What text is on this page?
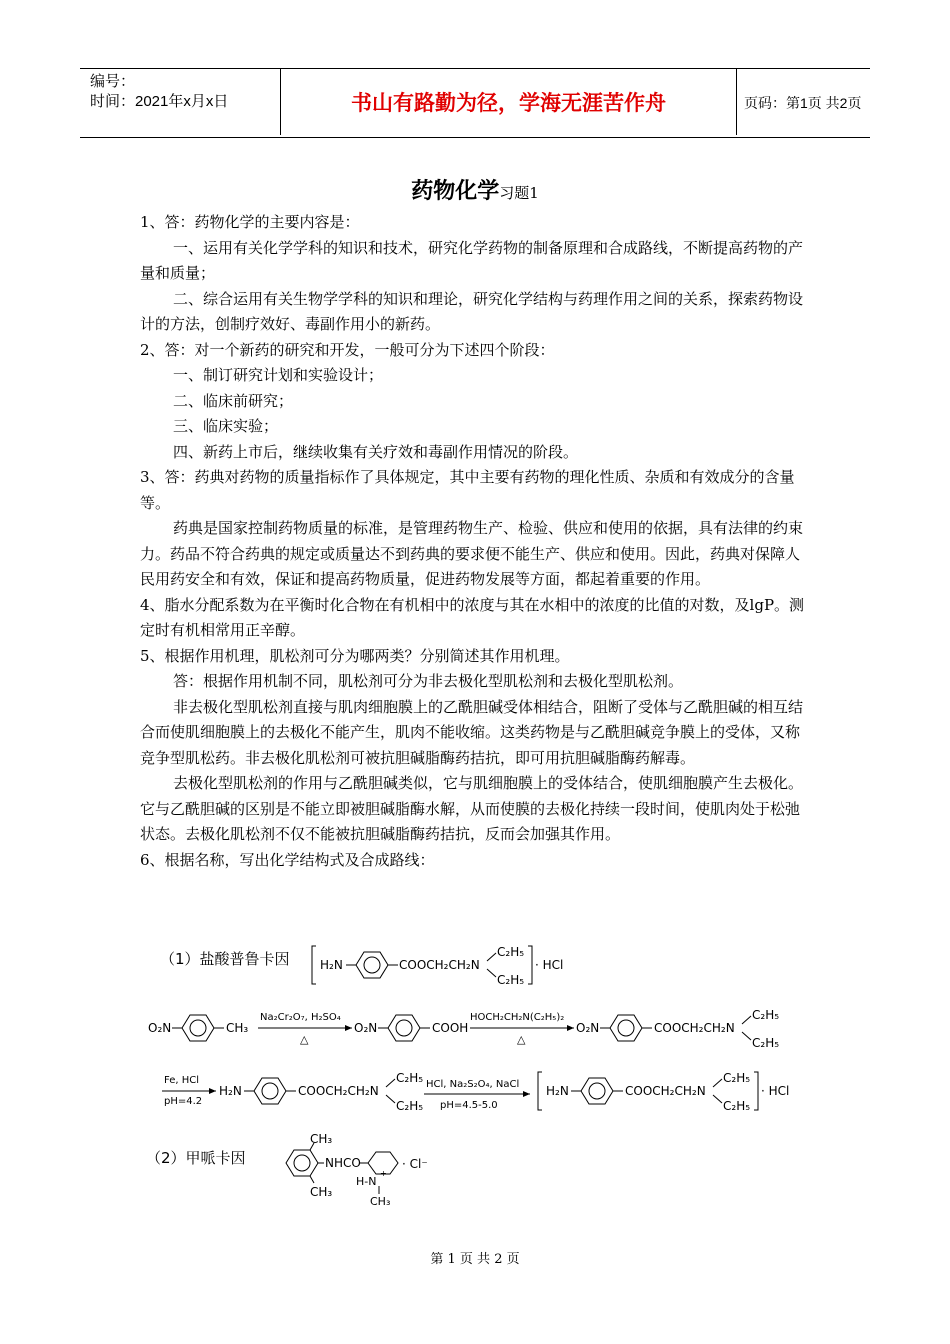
编号：
时间：2021年x月x日	书山有路勤为径，学海无涯苦作舟	页码：第1页 共2页
药物化学习题1

1、答：药物化学的主要内容是：

一、运用有关化学学科的知识和技术，研究化学药物的制备原理和合成路线，不断提高药物的产量和质量；

二、综合运用有关生物学学科的知识和理论，研究化学结构与药理作用之间的关系，探索药物设计的方法，创制疗效好、毒副作用小的新药。

2、答：对一个新药的研究和开发，一般可分为下述四个阶段：

一、制订研究计划和实验设计；

二、临床前研究；

三、临床实验；

四、新药上市后，继续收集有关疗效和毒副作用情况的阶段。

3、答：药典对药物的质量指标作了具体规定，其中主要有药物的理化性质、杂质和有效成分的含量等。

药典是国家控制药物质量的标准，是管理药物生产、检验、供应和使用的依据，具有法律的约束力。药品不符合药典的规定或质量达不到药典的要求便不能生产、供应和使用。因此，药典对保障人民用药安全和有效，保证和提高药物质量，促进药物发展等方面，都起着重要的作用。

4、脂水分配系数为在平衡时化合物在有机相中的浓度与其在水相中的浓度的比值的对数，及lgP。测定时有机相常用正辛醇。

5、根据作用机理，肌松剂可分为哪两类？分别简述其作用机理。

答：根据作用机制不同，肌松剂可分为非去极化型肌松剂和去极化型肌松剂。

非去极化型肌松剂直接与肌肉细胞膜上的乙酰胆碱受体相结合，阻断了受体与乙酰胆碱的相互结合而使肌细胞膜上的去极化不能产生，肌肉不能收缩。这类药物是与乙酰胆碱竞争膜上的受体，又称竞争型肌松药。非去极化肌松剂可被抗胆碱脂酶药拮抗，即可用抗胆碱脂酶药解毒。

去极化型肌松剂的作用与乙酰胆碱类似，它与肌细胞膜上的受体结合，使肌细胞膜产生去极化。它与乙酰胆碱的区别是不能立即被胆碱脂酶水解，从而使膜的去极化持续一段时间，使肌肉处于松弛状态。去极化肌松剂不仅不能被抗胆碱脂酶药拮抗，反而会加强其作用。

6、根据名称，写出化学结构式及合成路线：

（1）盐酸普鲁卡因	H₂N	COOCH₂CH₂N
C₂H₅
C₂H₅
· HCl
O₂N	CH₃
Na₂Cr₂O₇, H₂SO₄
△
O₂N	COOH
HOCH₂CH₂N(C₂H₅)₂
△
O₂N	COOCH₂CH₂N
C₂H₅
C₂H₅
Fe, HCl
pH=4.2
H₂N	COOCH₂CH₂N
C₂H₅
C₂H₅
HCl, Na₂S₂O₄, NaCl
pH=4.5-5.0
H₂N	COOCH₂CH₂N
C₂H₅
C₂H₅
· HCl
（2）甲哌卡因
CH₃
CH₃
NHCO
H-N
+
CH₃
· Cl⁻
第 1 页 共 2 页
